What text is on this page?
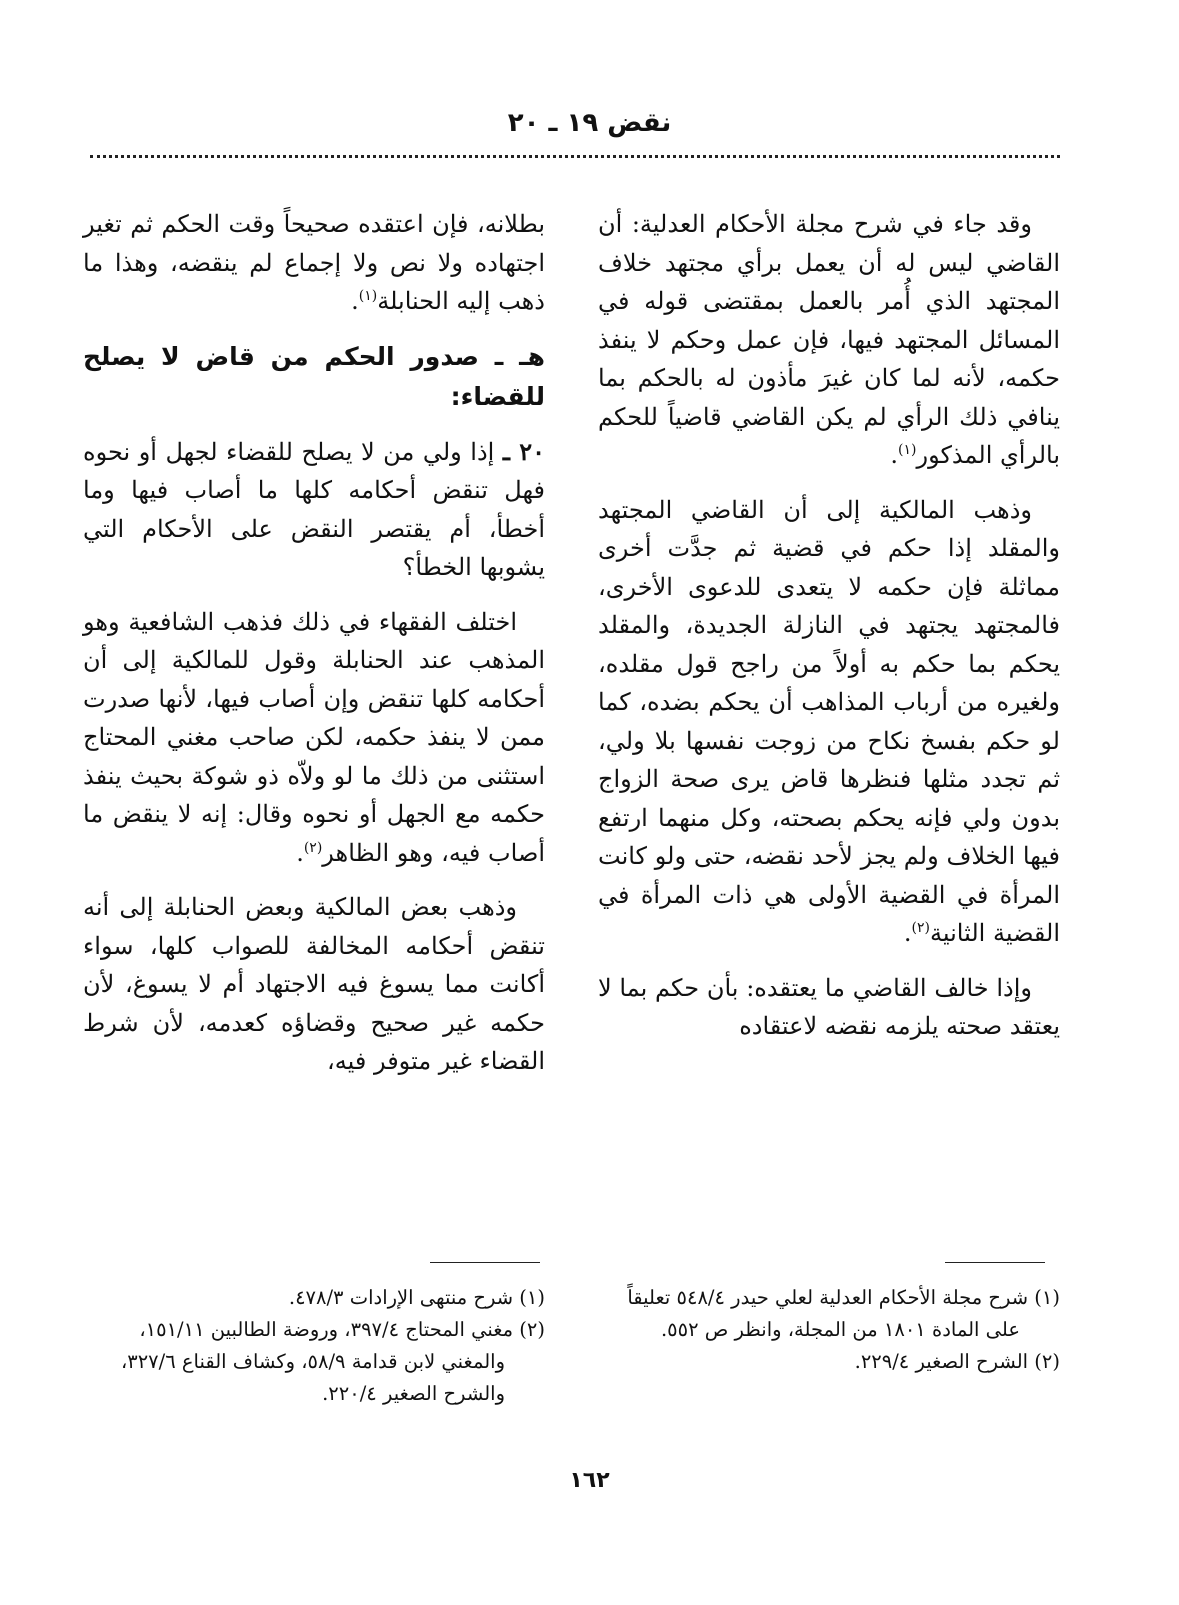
نقض ١٩ ـ ٢٠

وقد جاء في شرح مجلة الأحكام العدلية: أن القاضي ليس له أن يعمل برأي مجتهد خلاف المجتهد الذي أُمر بالعمل بمقتضى قوله في المسائل المجتهد فيها، فإن عمل وحكم لا ينفذ حكمه، لأنه لما كان غيرَ مأذون له بالحكم بما ينافي ذلك الرأي لم يكن القاضي قاضياً للحكم بالرأي المذكور$^{(١)}$.

وذهب المالكية إلى أن القاضي المجتهد والمقلد إذا حكم في قضية ثم جدَّت أخرى مماثلة فإن حكمه لا يتعدى للدعوى الأخرى، فالمجتهد يجتهد في النازلة الجديدة، والمقلد يحكم بما حكم به أولاً من راجح قول مقلده، ولغيره من أرباب المذاهب أن يحكم بضده، كما لو حكم بفسخ نكاح من زوجت نفسها بلا ولي، ثم تجدد مثلها فنظرها قاض يرى صحة الزواج بدون ولي فإنه يحكم بصحته، وكل منهما ارتفع فيها الخلاف ولم يجز لأحد نقضه، حتى ولو كانت المرأة في القضية الأولى هي ذات المرأة في القضية الثانية$^{(٢)}$.

وإذا خالف القاضي ما يعتقده: بأن حكم بما لا يعتقد صحته يلزمه نقضه لاعتقاده

بطلانه، فإن اعتقده صحيحاً وقت الحكم ثم تغير اجتهاده ولا نص ولا إجماع لم ينقضه، وهذا ما ذهب إليه الحنابلة$^{(١)}$.

هـ ـ صدور الحكم من قاض لا يصلح للقضاء:

٢٠ ـ إذا ولي من لا يصلح للقضاء لجهل أو نحوه فهل تنقض أحكامه كلها ما أصاب فيها وما أخطأ، أم يقتصر النقض على الأحكام التي يشوبها الخطأ؟

اختلف الفقهاء في ذلك فذهب الشافعية وهو المذهب عند الحنابلة وقول للمالكية إلى أن أحكامه كلها تنقض وإن أصاب فيها، لأنها صدرت ممن لا ينفذ حكمه، لكن صاحب مغني المحتاج استثنى من ذلك ما لو ولاّه ذو شوكة بحيث ينفذ حكمه مع الجهل أو نحوه وقال: إنه لا ينقض ما أصاب فيه، وهو الظاهر$^{(٢)}$.

وذهب بعض المالكية وبعض الحنابلة إلى أنه تنقض أحكامه المخالفة للصواب كلها، سواء أكانت مما يسوغ فيه الاجتهاد أم لا يسوغ، لأن حكمه غير صحيح وقضاؤه كعدمه، لأن شرط القضاء غير متوفر فيه،

(١) شرح مجلة الأحكام العدلية لعلي حيدر ٥٤٨/٤ تعليقاً على المادة ١٨٠١ من المجلة، وانظر ص ٥٥٢.
(٢) الشرح الصغير ٢٢٩/٤.
(١) شرح منتهى الإرادات ٤٧٨/٣.
(٢) مغني المحتاج ٣٩٧/٤، وروضة الطالبين ١٥١/١١، والمغني لابن قدامة ٥٨/٩، وكشاف القناع ٣٢٧/٦، والشرح الصغير ٢٢٠/٤.
١٦٢
